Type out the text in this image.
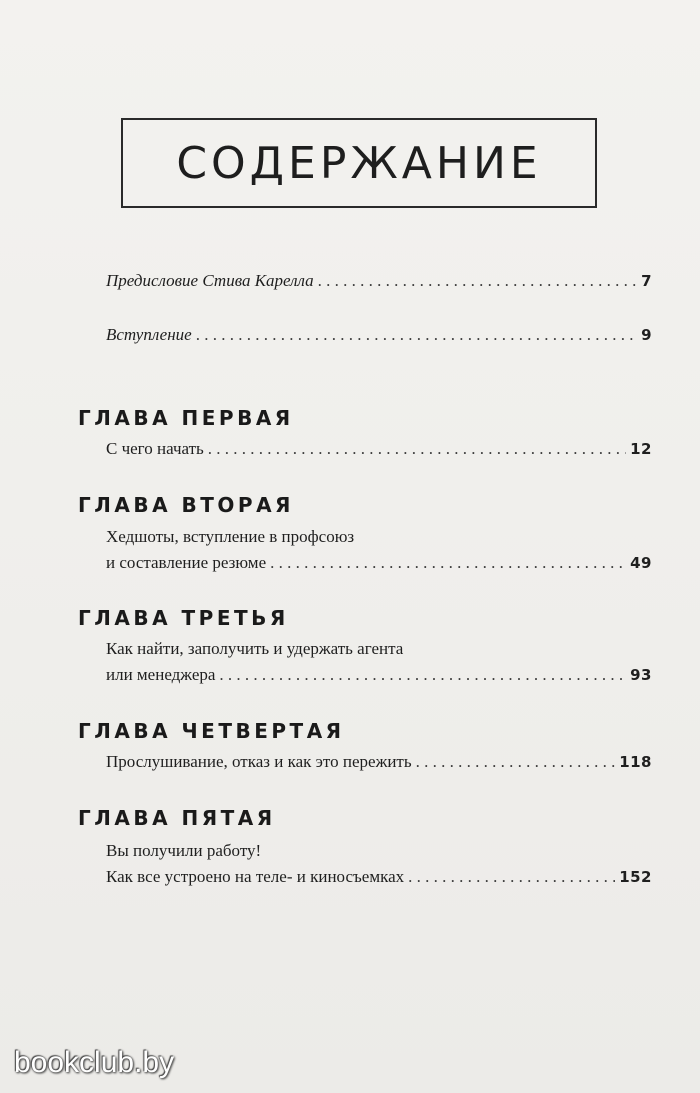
СОДЕРЖАНИЕ
Предисловие Стива Карелла . . .	7
Вступление . . .	9
ГЛАВА ПЕРВАЯ
С чего начать . . .	12
ГЛАВА ВТОРАЯ
Хедшоты, вступление в профсоюз
и составление резюме . . .	49
ГЛАВА ТРЕТЬЯ
Как найти, заполучить и удержать агента
или менеджера . . .	93
ГЛАВА ЧЕТВЕРТАЯ
Прослушивание, отказ и как это пережить . . .	118
ГЛАВА ПЯТАЯ
Вы получили работу!
Как все устроено на теле- и киносъемках . . .	152
bookclub.by
